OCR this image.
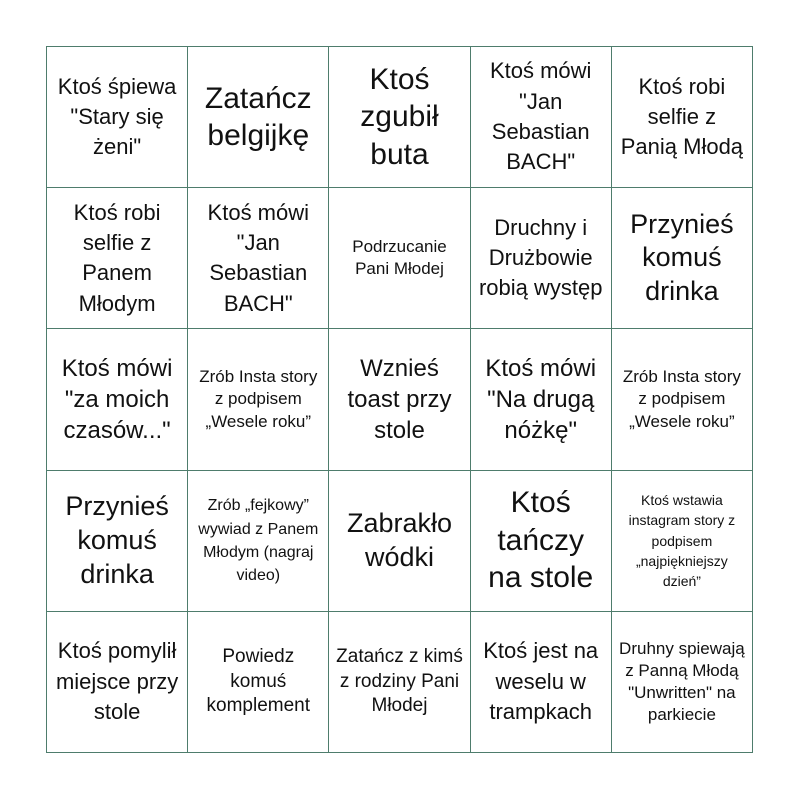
Ktoś śpiewa "Stary się żeni"
Zatańcz belgijkę
Ktoś zgubił buta
Ktoś mówi "Jan Sebastian BACH"
Ktoś robi selfie z Panią Młodą
Ktoś robi selfie z Panem Młodym
Ktoś mówi "Jan Sebastian BACH"
Podrzucanie Pani Młodej
Druchny i Drużbowie robią występ
Przynieś komuś drinka
Ktoś mówi "za moich czasów..."
Zrób Insta story z podpisem „Wesele roku”
Wznieś toast przy stole
Ktoś mówi "Na drugą nóżkę"
Zrób Insta story z podpisem „Wesele roku”
Przynieś komuś drinka
Zrób „fejkowy” wywiad z Panem Młodym (nagraj video)
Zabrakło wódki
Ktoś tańczy na stole
Ktoś wstawia instagram story z podpisem „najpiękniejszy dzień”
Ktoś pomylił miejsce przy stole
Powiedz komuś komplement
Zatańcz z kimś z rodziny Pani Młodej
Ktoś jest na weselu w trampkach
Druhny spiewają z Panną Młodą "Unwritten" na parkiecie
